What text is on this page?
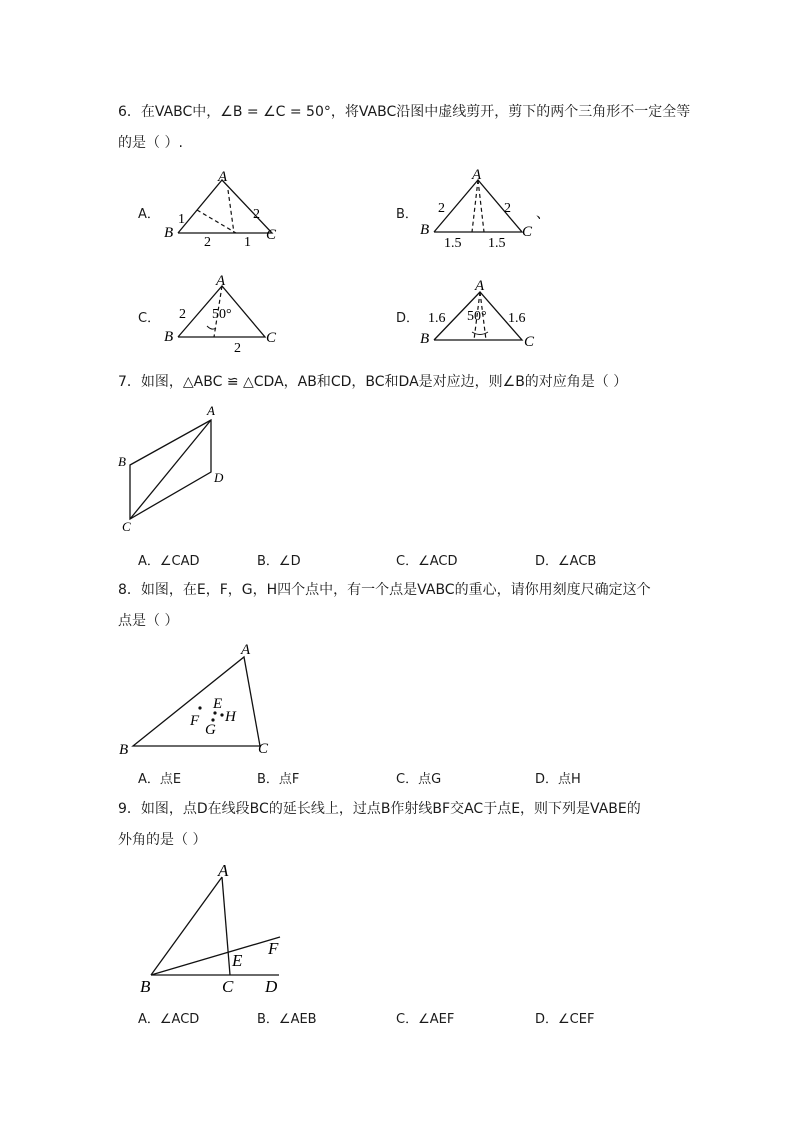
6．在VABC中，∠B = ∠C = 50°，将VABC沿图中虚线剪开，剪下的两个三角形不一定全等
的是（ ）.
A．
A
B	C
1	2
2 1
B．
A
B	C
2	2
1.5 1.5
、
C．
A
B	C
2 50°
2
D．
A
B	C
1.6 50° 1.6
7．如图，△ABC ≌ △CDA，AB和CD，BC和DA是对应边，则∠B的对应角是（ ）
A
B
C
D
A．∠CAD	B．∠D	C．∠ACD	D．∠ACB
8．如图，在E，F，G，H四个点中，有一个点是VABC的重心，请你用刻度尺确定这个
点是（ ）
A
B	C
E
F
G
H
A．点E	B．点F	C．点G	D．点H
9．如图，点D在线段BC的延长线上，过点B作射线BF交AC于点E，则下列是VABE的
外角的是（ ）
A
B	C D
E
F
A．∠ACD	B．∠AEB	C．∠AEF	D．∠CEF
